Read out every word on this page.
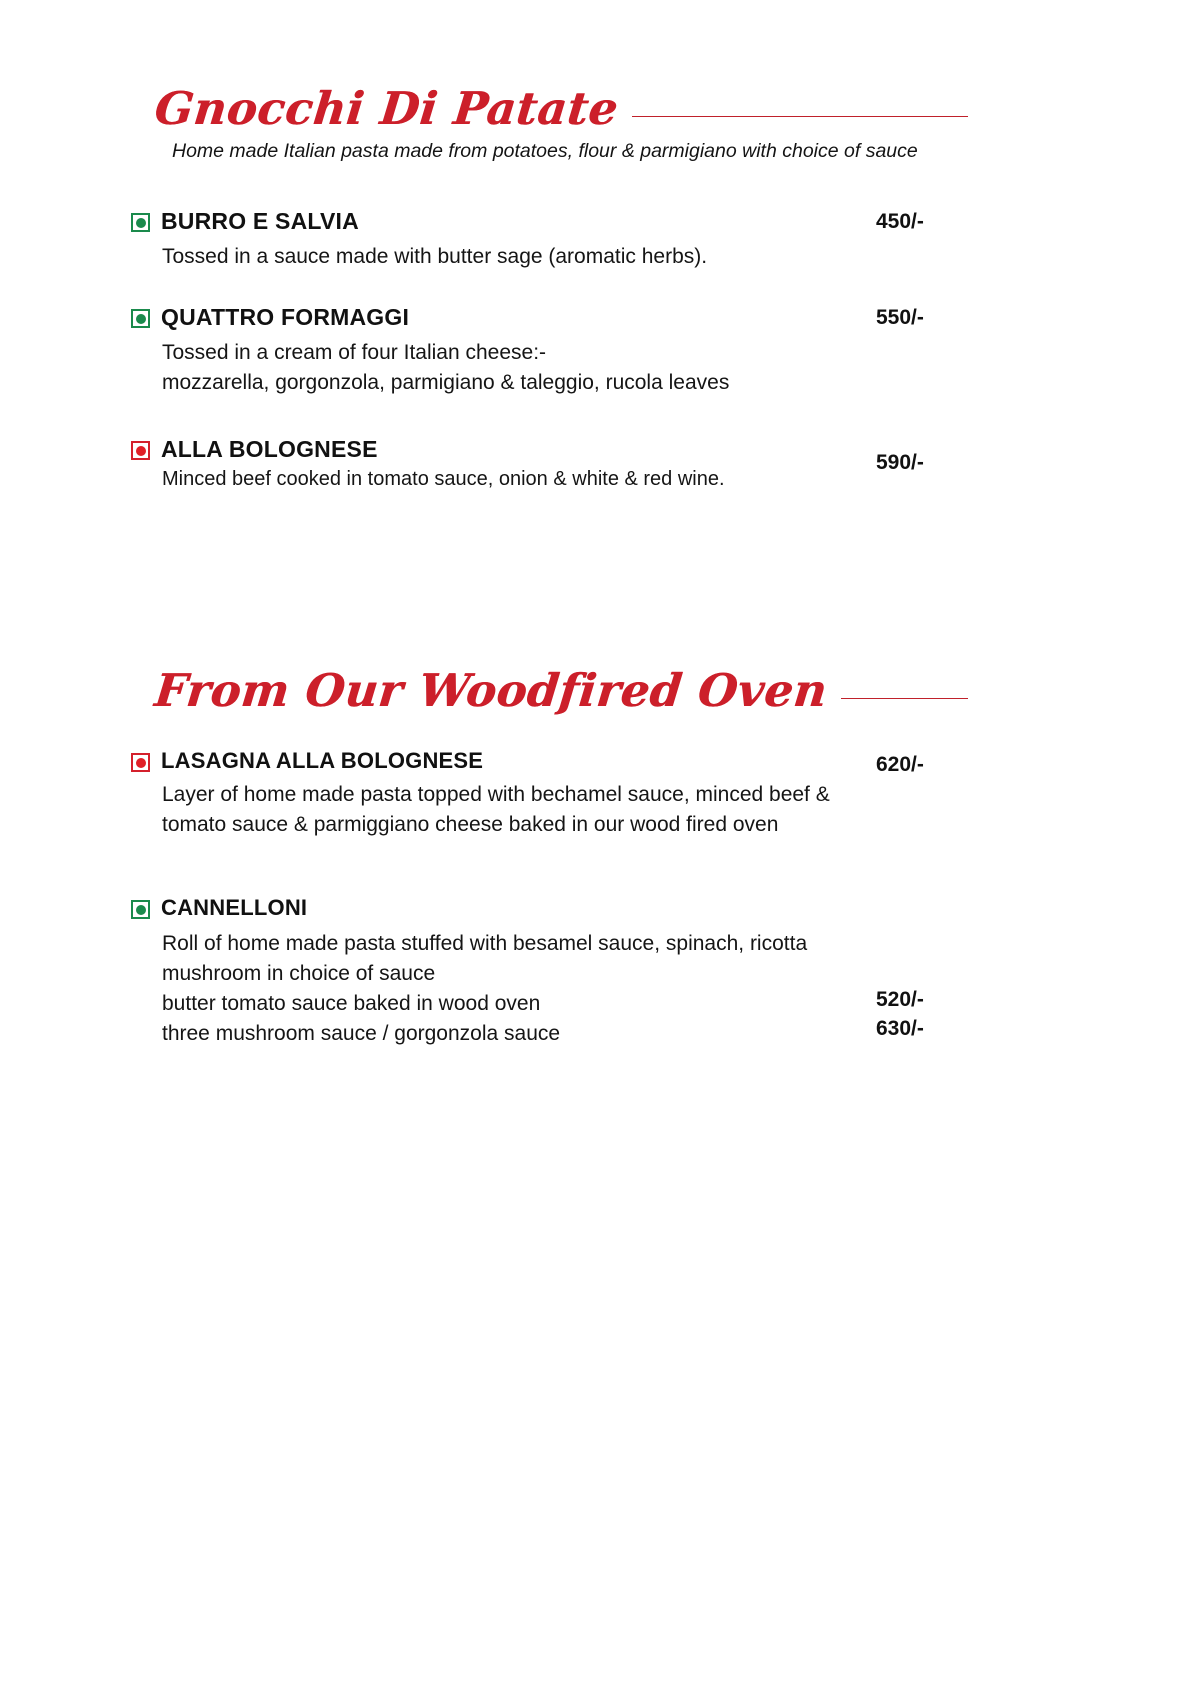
Gnocchi Di Patate
Home made Italian pasta made from potatoes, flour & parmigiano with choice of sauce
BURRO E SALVIA	450/-
Tossed in a sauce made with butter sage (aromatic herbs).
QUATTRO FORMAGGI	550/-
Tossed in a cream of four Italian cheese:-
mozzarella, gorgonzola, parmigiano & taleggio, rucola leaves
ALLA BOLOGNESE
590/-
Minced beef cooked in tomato sauce, onion & white & red wine.
From Our Woodfired Oven
LASAGNA ALLA BOLOGNESE	620/-
Layer of home made pasta topped with bechamel sauce, minced beef &
tomato sauce & parmiggiano cheese baked in our wood fired oven
CANNELLONI
Roll of home made pasta stuffed with besamel sauce, spinach, ricotta
mushroom in choice of sauce
butter tomato sauce baked in wood oven
three mushroom sauce / gorgonzola sauce
520/-
630/-
